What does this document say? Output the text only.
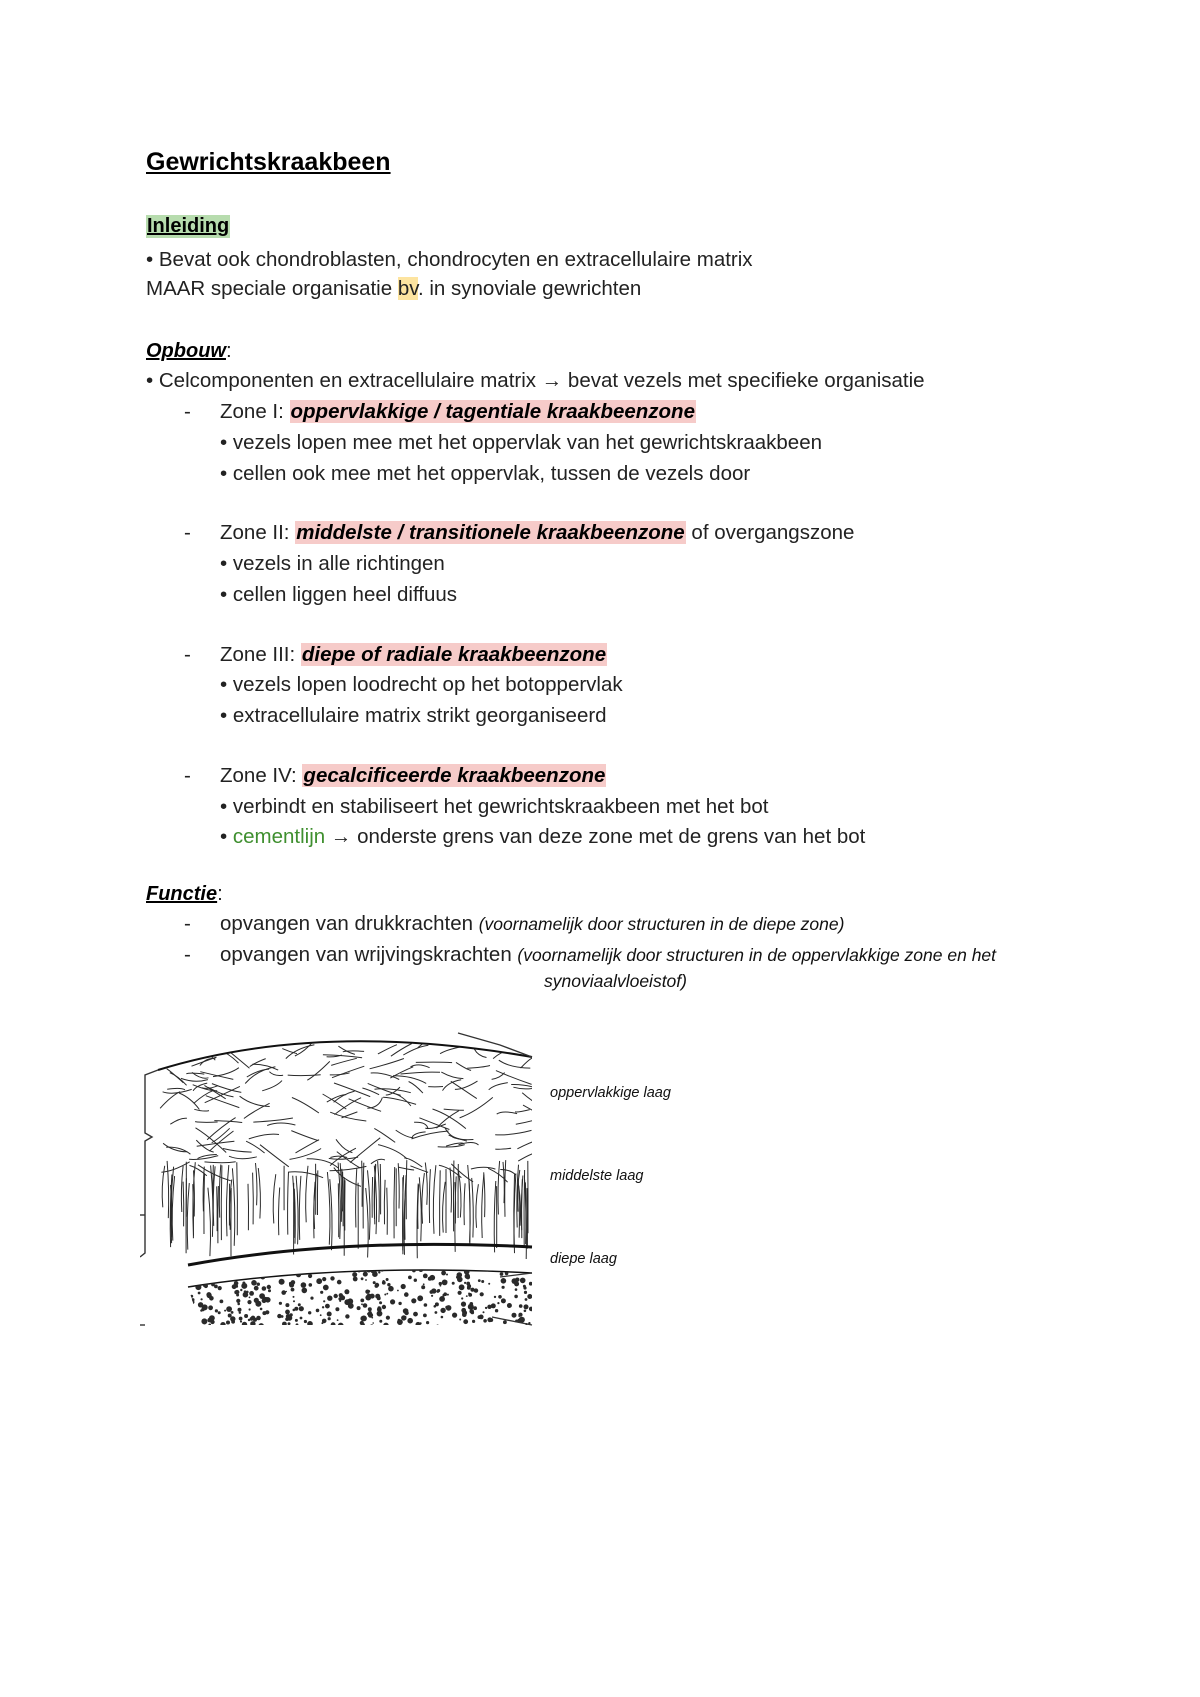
Gewrichtskraakbeen
Inleiding
• Bevat ook chondroblasten, chondrocyten en extracellulaire matrix
MAAR speciale organisatie bv. in synoviale gewrichten
Opbouw:
• Celcomponenten en extracellulaire matrix → bevat vezels met specifieke organisatie
- Zone I: oppervlakkige / tagentiale kraakbeenzone
• vezels lopen mee met het oppervlak van het gewrichtskraakbeen
• cellen ook mee met het oppervlak, tussen de vezels door
- Zone II: middelste / transitionele kraakbeenzone of overgangszone
• vezels in alle richtingen
• cellen liggen heel diffuus
- Zone III: diepe of radiale kraakbeenzone
• vezels lopen loodrecht op het botoppervlak
• extracellulaire matrix strikt georganiseerd
- Zone IV: gecalcificeerde kraakbeenzone
• verbindt en stabiliseert het gewrichtskraakbeen met het bot
• cementlijn → onderste grens van deze zone met de grens van het bot
Functie:
- opvangen van drukkrachten (voornamelijk door structuren in de diepe zone)
- opvangen van wrijvingskrachten (voornamelijk door structuren in de oppervlakkige zone en het
synoviaalvloeistof)
oppervlakkige laag
middelste laag
diepe laag
